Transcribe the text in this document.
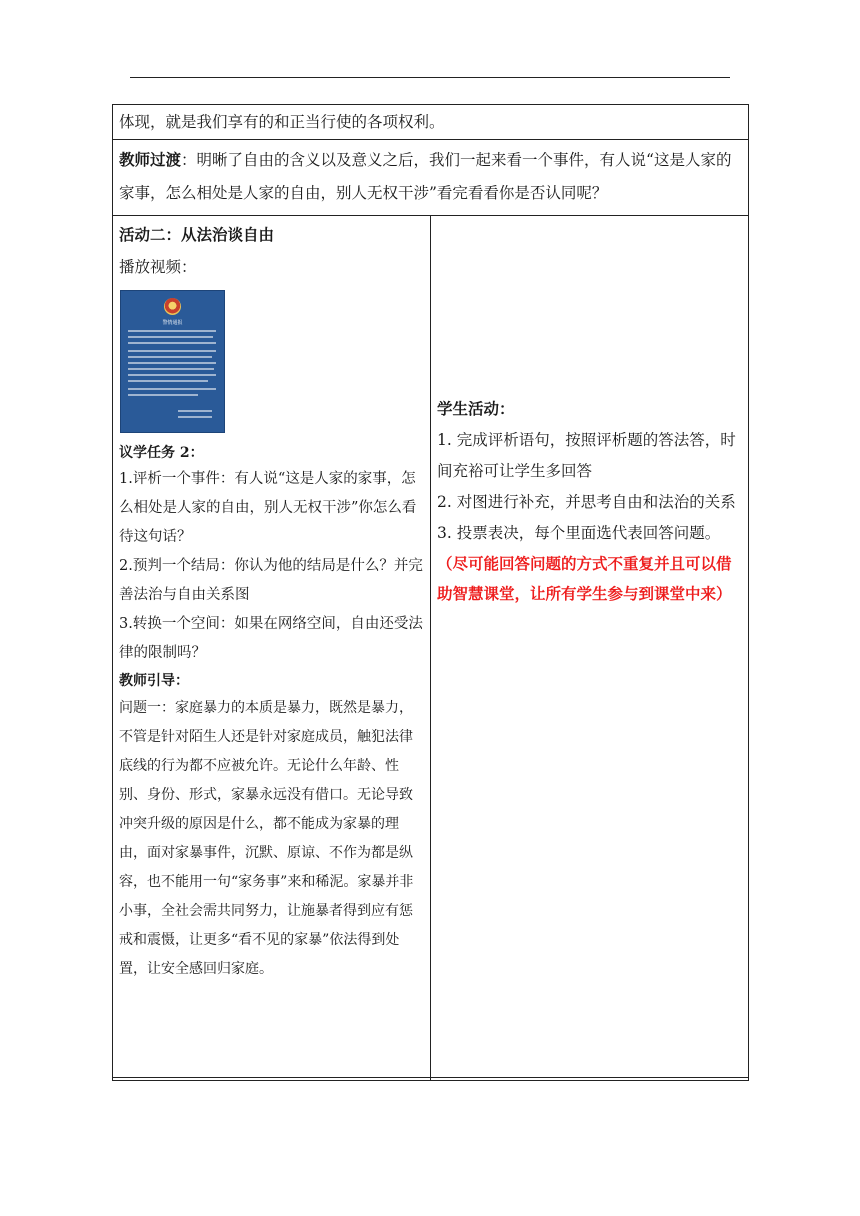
体现，就是我们享有的和正当行使的各项权利。
教师过渡：明晰了自由的含义以及意义之后，我们一起来看一个事件，有人说“这是人家的家事，怎么相处是人家的自由，别人无权干涉”看完看看你是否认同呢？

活动二：从法治谈自由
播放视频：
警情通报
议学任务 2：
1.评析一个事件：有人说“这是人家的家事，怎么相处是人家的自由，别人无权干涉”你怎么看待这句话？
2.预判一个结局：你认为他的结局是什么？并完善法治与自由关系图
3.转换一个空间：如果在网络空间，自由还受法律的限制吗？
教师引导：
问题一：家庭暴力的本质是暴力，既然是暴力，不管是针对陌生人还是针对家庭成员，触犯法律底线的行为都不应被允许。无论什么年龄、性别、身份、形式，家暴永远没有借口。无论导致冲突升级的原因是什么，都不能成为家暴的理由，面对家暴事件，沉默、原谅、不作为都是纵容，也不能用一句“家务事”来和稀泥。家暴并非小事，全社会需共同努力，让施暴者得到应有惩戒和震慑，让更多“看不见的家暴”依法得到处置，让安全感回归家庭。

学生活动：
1. 完成评析语句，按照评析题的答法答，时间充裕可让学生多回答
2. 对图进行补充，并思考自由和法治的关系
3. 投票表决，每个里面选代表回答问题。
（尽可能回答问题的方式不重复并且可以借助智慧课堂，让所有学生参与到课堂中来）
